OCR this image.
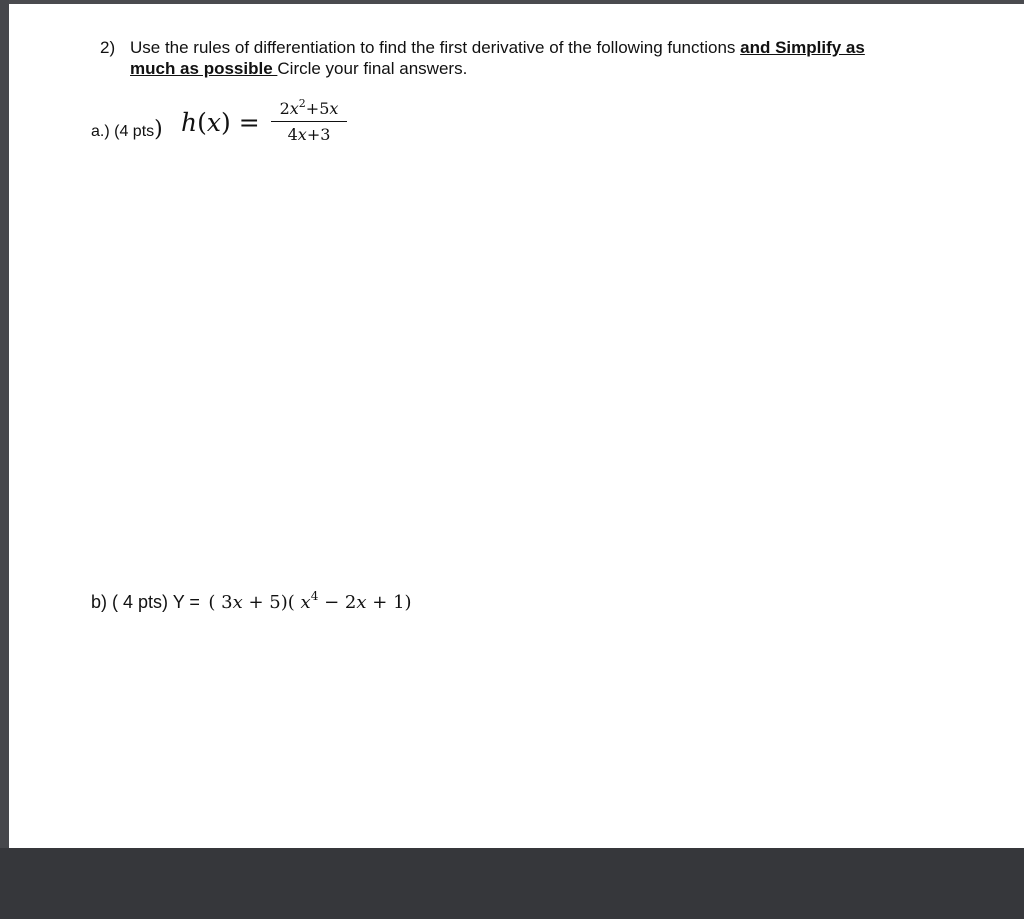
2) Use the rules of differentiation to find the first derivative of the following functions and Simplify as
much as possible Circle your final answers.
a.) (4 pts) h(x) =	$2x^2+5x$
4x+3
b) ( 4 pts) Y = ( 3x + 5)( $x^4 - 2x + 1$)
